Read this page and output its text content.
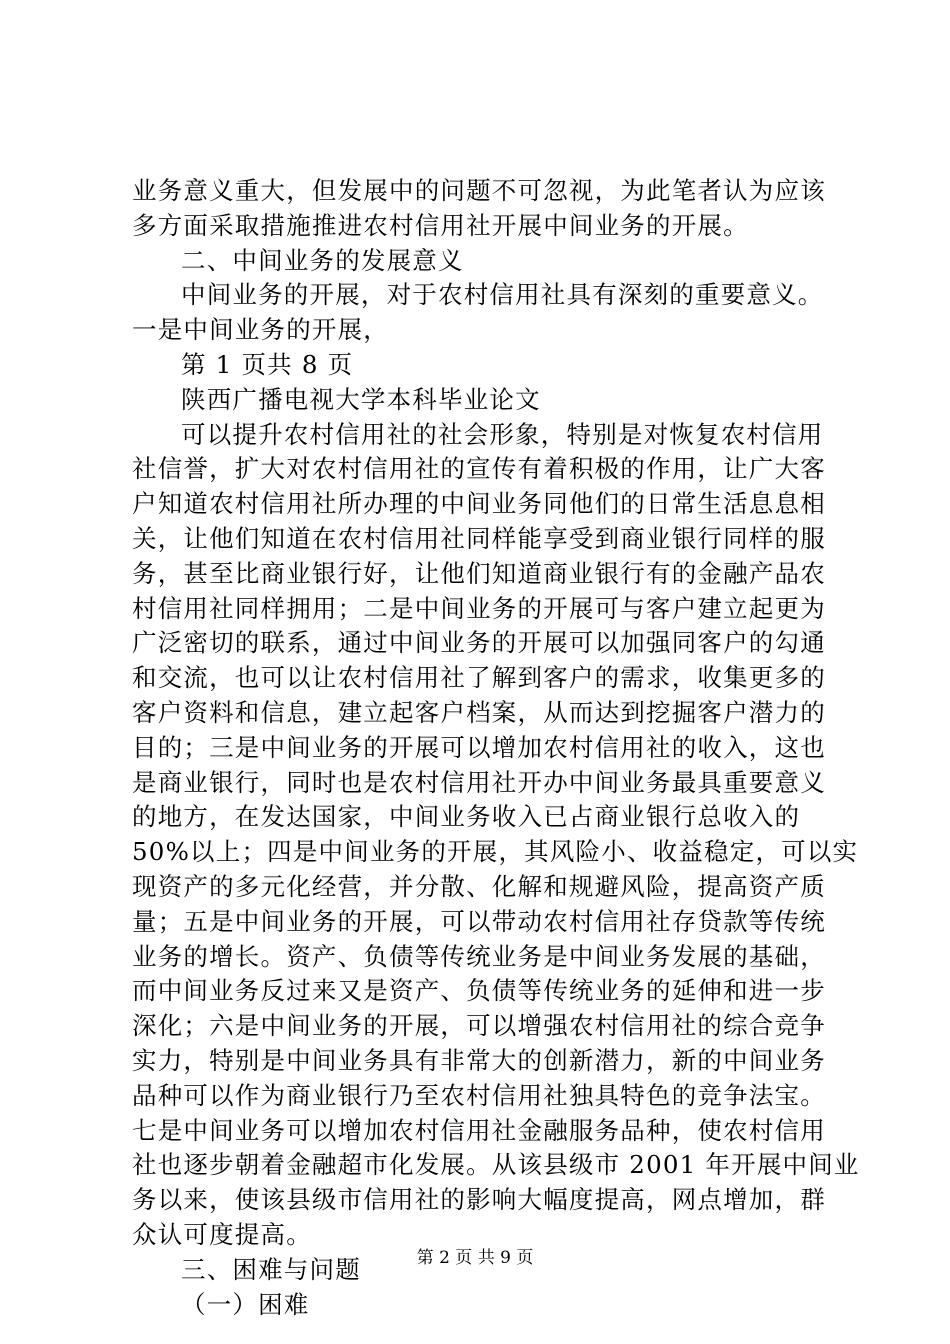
业务意义重大，但发展中的问题不可忽视，为此笔者认为应该
多方面采取措施推进农村信用社开展中间业务的开展。
二、中间业务的发展意义
中间业务的开展，对于农村信用社具有深刻的重要意义。
一是中间业务的开展，
第 1 页共 8 页
陕西广播电视大学本科毕业论文
可以提升农村信用社的社会形象，特别是对恢复农村信用
社信誉，扩大对农村信用社的宣传有着积极的作用，让广大客
户知道农村信用社所办理的中间业务同他们的日常生活息息相
关，让他们知道在农村信用社同样能享受到商业银行同样的服
务，甚至比商业银行好，让他们知道商业银行有的金融产品农
村信用社同样拥用；二是中间业务的开展可与客户建立起更为
广泛密切的联系，通过中间业务的开展可以加强同客户的勾通
和交流，也可以让农村信用社了解到客户的需求，收集更多的
客户资料和信息，建立起客户档案，从而达到挖掘客户潜力的
目的；三是中间业务的开展可以增加农村信用社的收入，这也
是商业银行，同时也是农村信用社开办中间业务最具重要意义
的地方，在发达国家，中间业务收入已占商业银行总收入的
50%以上；四是中间业务的开展，其风险小、收益稳定，可以实
现资产的多元化经营，并分散、化解和规避风险，提高资产质
量；五是中间业务的开展，可以带动农村信用社存贷款等传统
业务的增长。资产、负债等传统业务是中间业务发展的基础，
而中间业务反过来又是资产、负债等传统业务的延伸和进一步
深化；六是中间业务的开展，可以增强农村信用社的综合竞争
实力，特别是中间业务具有非常大的创新潜力，新的中间业务
品种可以作为商业银行乃至农村信用社独具特色的竞争法宝。
七是中间业务可以增加农村信用社金融服务品种，使农村信用
社也逐步朝着金融超市化发展。从该县级市 2001 年开展中间业
务以来，使该县级市信用社的影响大幅度提高，网点增加，群
众认可度提高。
三、困难与问题
（一）困难
第 2 页 共 9 页
